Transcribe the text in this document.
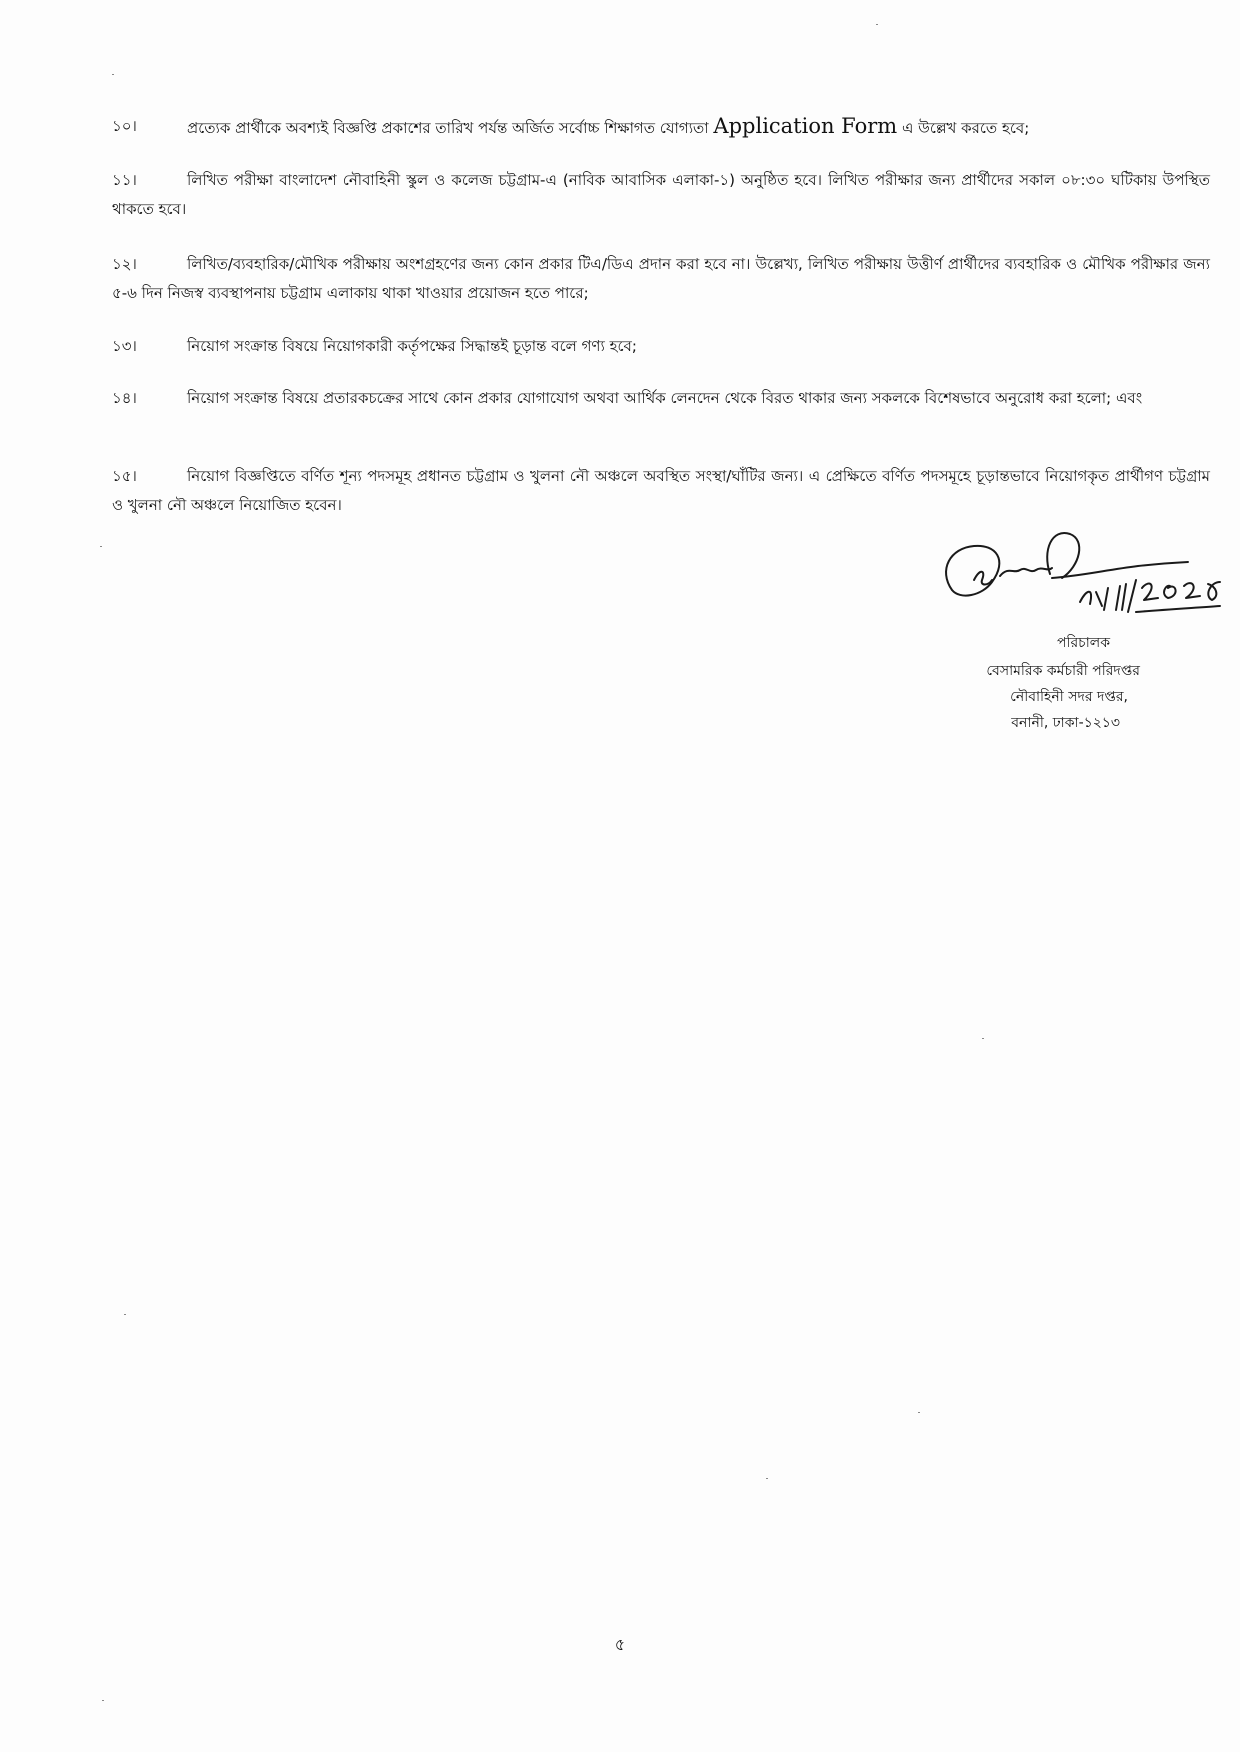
১০।	প্রত্যেক প্রার্থীকে অবশ্যই বিজ্ঞপ্তি প্রকাশের তারিখ পর্যন্ত অর্জিত সর্বোচ্চ শিক্ষাগত যোগ্যতা Application Form এ উল্লেখ করতে হবে;

১১।	লিখিত পরীক্ষা বাংলাদেশ নৌবাহিনী স্কুল ও কলেজ চট্টগ্রাম-এ (নাবিক আবাসিক এলাকা-১) অনুষ্ঠিত হবে। লিখিত পরীক্ষার জন্য প্রার্থীদের সকাল ০৮:৩০ ঘটিকায় উপস্থিত থাকতে হবে।

১২।	লিখিত/ব্যবহারিক/মৌখিক পরীক্ষায় অংশগ্রহণের জন্য কোন প্রকার টিএ/ডিএ প্রদান করা হবে না। উল্লেখ্য, লিখিত পরীক্ষায় উত্তীর্ণ প্রার্থীদের ব্যবহারিক ও মৌখিক পরীক্ষার জন্য ৫-৬ দিন নিজস্ব ব্যবস্থাপনায় চট্টগ্রাম এলাকায় থাকা খাওয়ার প্রয়োজন হতে পারে;

১৩।	নিয়োগ সংক্রান্ত বিষয়ে নিয়োগকারী কর্তৃপক্ষের সিদ্ধান্তই চূড়ান্ত বলে গণ্য হবে;

১৪।	নিয়োগ সংক্রান্ত বিষয়ে প্রতারকচক্রের সাথে কোন প্রকার যোগাযোগ অথবা আর্থিক লেনদেন থেকে বিরত থাকার জন্য সকলকে বিশেষভাবে অনুরোধ করা হলো; এবং

১৫।	নিয়োগ বিজ্ঞপ্তিতে বর্ণিত শূন্য পদসমূহ প্রধানত চট্টগ্রাম ও খুলনা নৌ অঞ্চলে অবস্থিত সংস্থা/ঘাঁটির জন্য। এ প্রেক্ষিতে বর্ণিত পদসমূহে চূড়ান্তভাবে নিয়োগকৃত প্রার্থীগণ চট্টগ্রাম ও খুলনা নৌ অঞ্চলে নিয়োজিত হবেন।

পরিচালক
বেসামরিক কর্মচারী পরিদপ্তর
নৌবাহিনী সদর দপ্তর,
বনানী, ঢাকা-১২১৩
৫
